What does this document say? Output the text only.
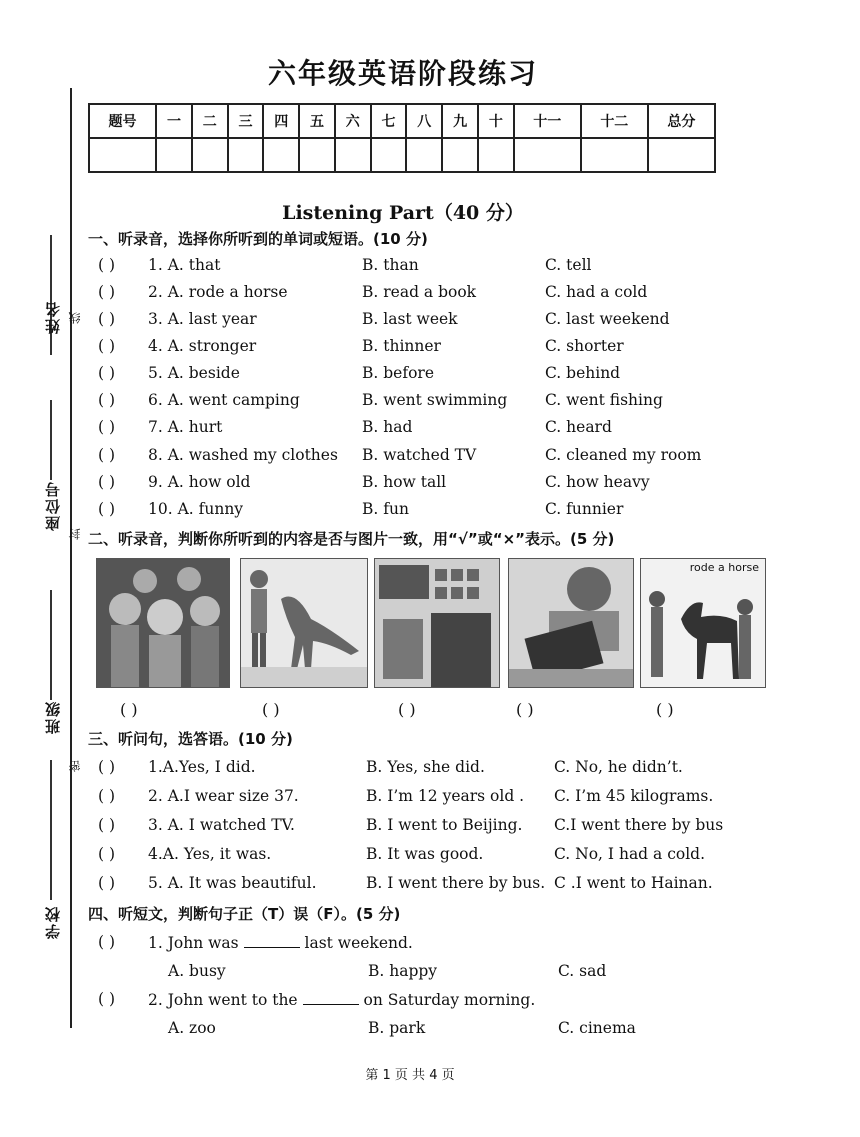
姓名 线
座位号
封
班级
密
学校
六年级英语阶段练习
题号	一	二	三	四	五	六	七	八	九	十	十一	十二	总分

Listening Part（40 分）
一、听录音，选择你所听到的单词或短语。(10 分)
( ) 1. A. that	B. than	C. tell
( ) 2. A. rode a horse	B. read a book	C. had a cold
( ) 3. A. last year	B. last week	C. last weekend
( ) 4. A. stronger	B. thinner	C. shorter
( ) 5. A. beside	B. before	C. behind
( ) 6. A. went camping	B. went swimming C. went fishing
( ) 7. A. hurt	B. had	C. heard
( ) 8. A. washed my clothes B. watched TV	C. cleaned my room
( ) 9. A. how old	B. how tall	C. how heavy
( ) 10. A. funny	B. fun	C. funnier
二、听录音，判断你所听到的内容是否与图片一致，用“√”或“×”表示。(5 分)
rode a horse
( )	( )	( )	( )	( )
三、听问句，选答语。(10 分)
( ) 1.A.Yes, I did.	B. Yes, she did.	C. No, he didn’t.
( ) 2. A.I wear size 37.	B. I’m 12 years old . C. I’m 45 kilograms.
( ) 3. A. I watched TV.	B. I went to Beijing. C.I went there by bus
( ) 4.A. Yes, it was.	B. It was good.	C. No, I had a cold.
( ) 5. A. It was beautiful.	B. I went there by bus. C .I went to Hainan.
四、听短文，判断句子正（T）误（F）。(5 分)
( ) 1. John was	last weekend.
A. busy	B. happy	C. sad
( ) 2. John went to the	on Saturday morning.
A. zoo	B. park	C. cinema
第 1 页 共 4 页
